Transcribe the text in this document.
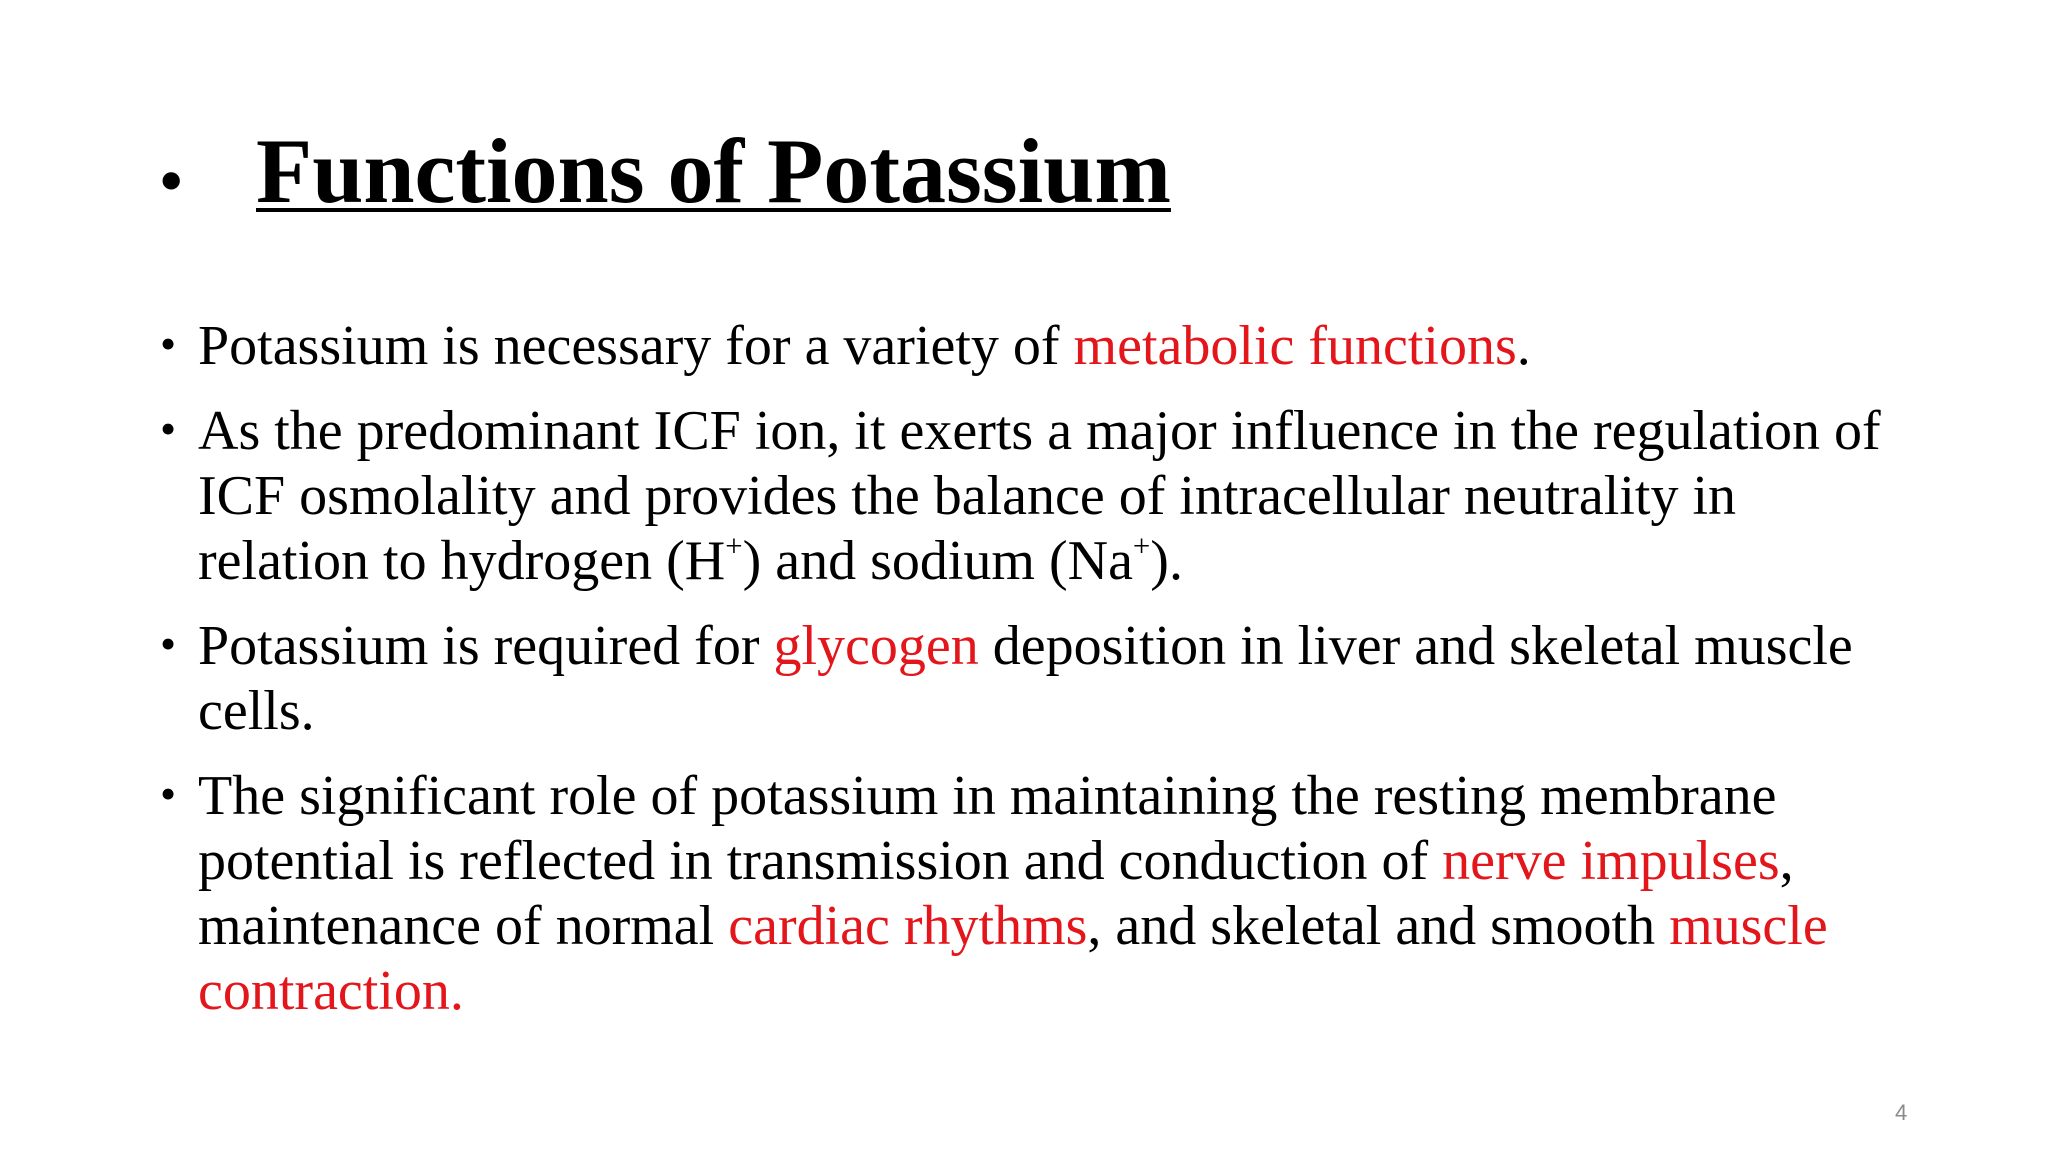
• Functions of Potassium
• Potassium is necessary for a variety of metabolic functions.
• As the predominant ICF ion, it exerts a major influence in the regulation of ICF osmolality and provides the balance of intracellular neutrality in relation to hydrogen (H+) and sodium (Na+).
• Potassium is required for glycogen deposition in liver and skeletal muscle cells.
• The significant role of potassium in maintaining the resting membrane potential is reflected in transmission and conduction of nerve impulses, maintenance of normal cardiac rhythms, and skeletal and smooth muscle contraction.
4
